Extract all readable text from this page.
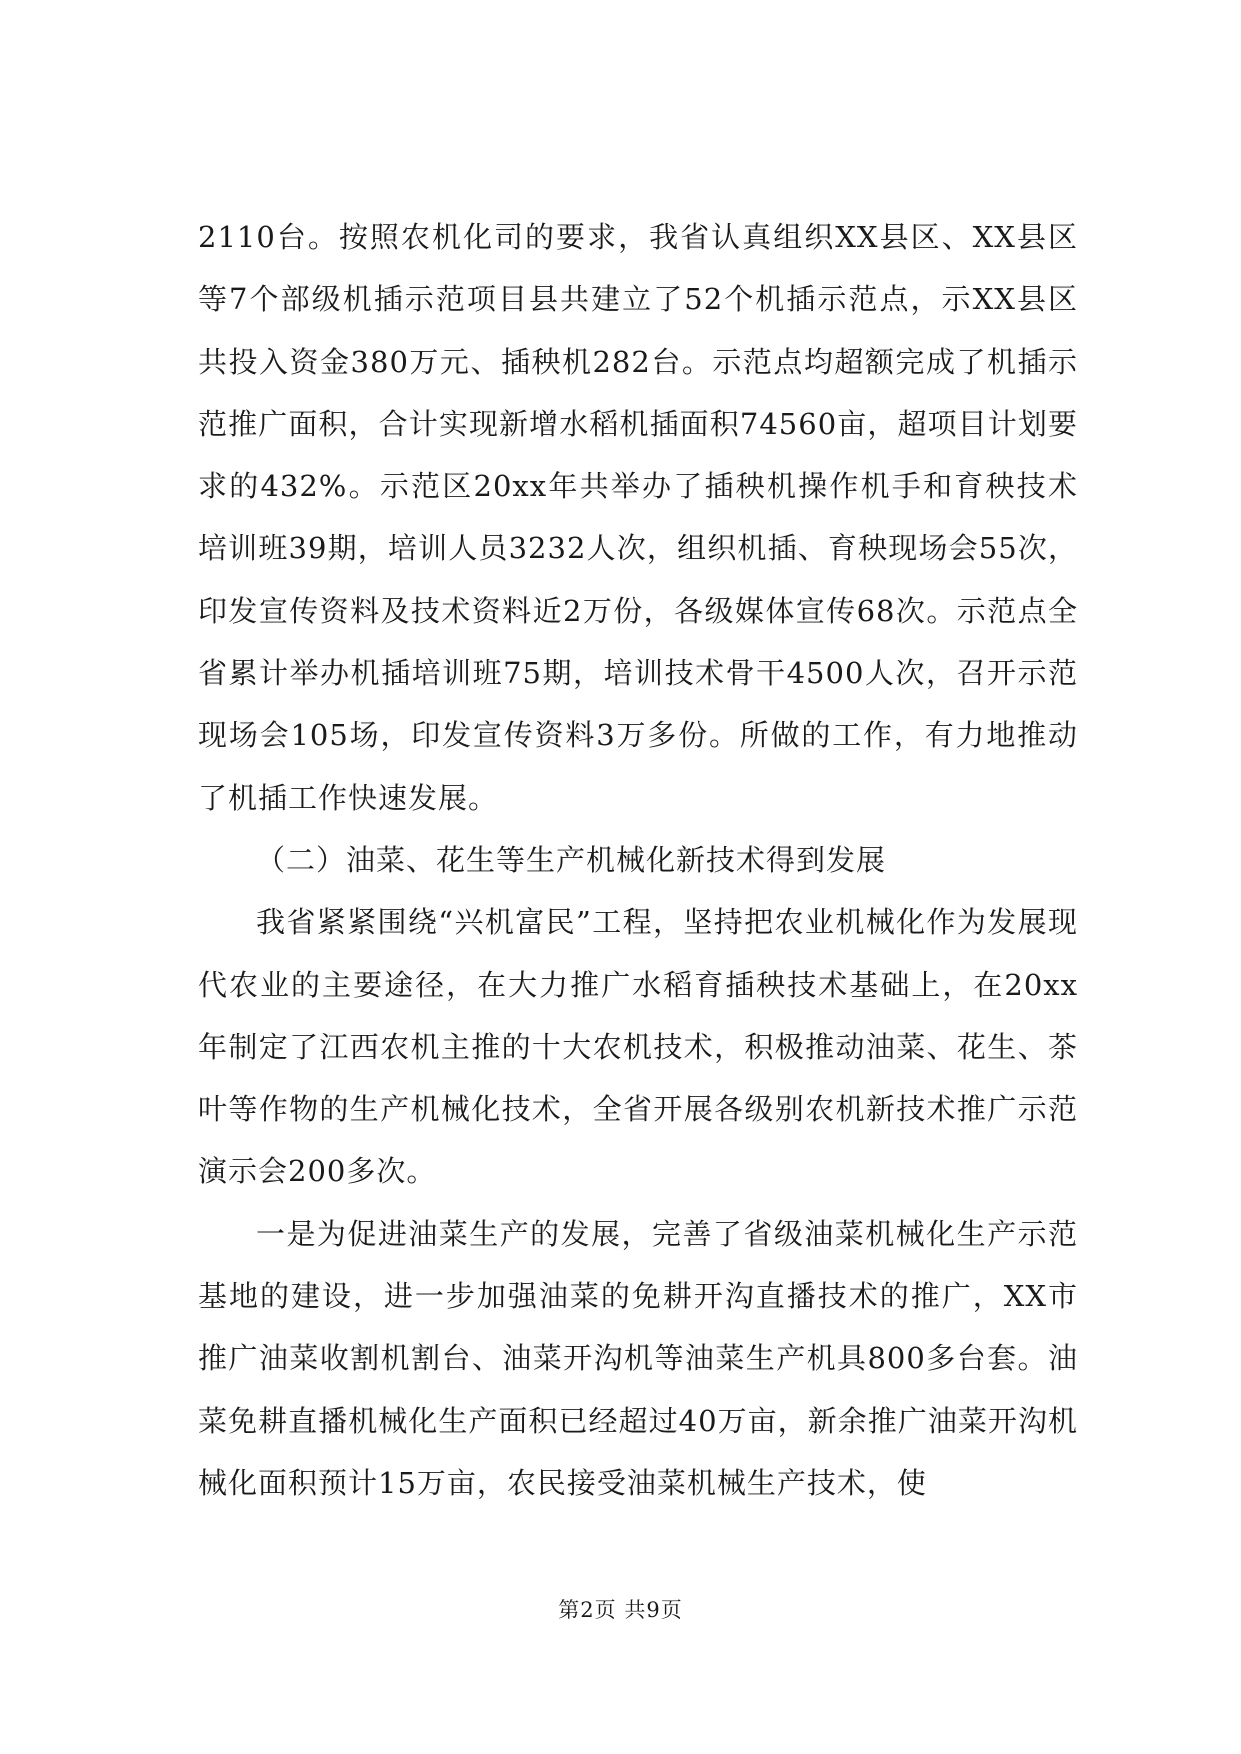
2110台。按照农机化司的要求，我省认真组织XX县区、XX县区等7个部级机插示范项目县共建立了52个机插示范点，示XX县区共投入资金380万元、插秧机282台。示范点均超额完成了机插示范推广面积，合计实现新增水稻机插面积74560亩，超项目计划要求的432%。示范区20xx年共举办了插秧机操作机手和育秧技术培训班39期，培训人员3232人次，组织机插、育秧现场会55次，印发宣传资料及技术资料近2万份，各级媒体宣传68次。示范点全省累计举办机插培训班75期，培训技术骨干4500人次，召开示范现场会105场，印发宣传资料3万多份。所做的工作，有力地推动了机插工作快速发展。

（二）油菜、花生等生产机械化新技术得到发展

我省紧紧围绕“兴机富民”工程，坚持把农业机械化作为发展现代农业的主要途径，在大力推广水稻育插秧技术基础上，在20xx年制定了江西农机主推的十大农机技术，积极推动油菜、花生、茶叶等作物的生产机械化技术，全省开展各级别农机新技术推广示范演示会200多次。

一是为促进油菜生产的发展，完善了省级油菜机械化生产示范基地的建设，进一步加强油菜的免耕开沟直播技术的推广，XX市推广油菜收割机割台、油菜开沟机等油菜生产机具800多台套。油菜免耕直播机械化生产面积已经超过40万亩，新余推广油菜开沟机械化面积预计15万亩，农民接受油菜机械生产技术，使

第2页 共9页
